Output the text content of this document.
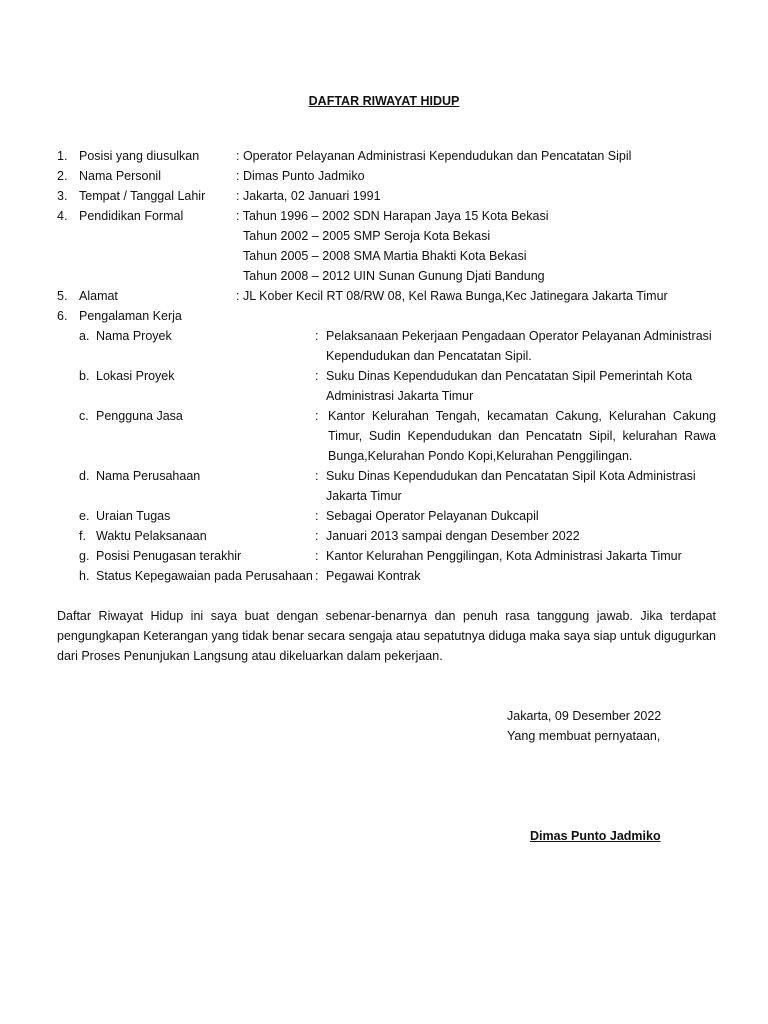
DAFTAR RIWAYAT HIDUP
1. Posisi yang diusulkan	: Operator Pelayanan Administrasi Kependudukan dan Pencatatan Sipil
2. Nama Personil	: Dimas Punto Jadmiko
3. Tempat / Tanggal Lahir : Jakarta, 02 Januari 1991
4. Pendidikan Formal	: Tahun 1996 – 2002 SDN Harapan Jaya 15 Kota Bekasi
Tahun 2002 – 2005 SMP Seroja Kota Bekasi
Tahun 2005 – 2008 SMA Martia Bhakti Kota Bekasi
Tahun 2008 – 2012 UIN Sunan Gunung Djati Bandung
5. Alamat	: JL Kober Kecil RT 08/RW 08, Kel Rawa Bunga,Kec Jatinegara Jakarta Timur
6. Pengalaman Kerja
a. Nama Proyek	: Pelaksanaan Pekerjaan Pengadaan Operator Pelayanan Administrasi
Kependudukan dan Pencatatan Sipil.
b. Lokasi Proyek	: Suku Dinas Kependudukan dan Pencatatan Sipil Pemerintah Kota
Administrasi Jakarta Timur
c. Pengguna Jasa	: Kantor Kelurahan Tengah, kecamatan Cakung, Kelurahan Cakung
Timur, Sudin Kependudukan dan Pencatatn Sipil, kelurahan Rawa
Bunga,Kelurahan Pondo Kopi,Kelurahan Penggilingan.
d. Nama Perusahaan	: Suku Dinas Kependudukan dan Pencatatan Sipil Kota Administrasi
Jakarta Timur
e. Uraian Tugas	: Sebagai Operator Pelayanan Dukcapil
f. Waktu Pelaksanaan	: Januari 2013 sampai dengan Desember 2022
g. Posisi Penugasan terakhir	: Kantor Kelurahan Penggilingan, Kota Administrasi Jakarta Timur
h. Status Kepegawaian pada Perusahaan : Pegawai Kontrak
Daftar Riwayat Hidup ini saya buat dengan sebenar-benarnya dan penuh rasa tanggung jawab. Jika terdapat
pengungkapan Keterangan yang tidak benar secara sengaja atau sepatutnya diduga maka saya siap untuk digugurkan
dari Proses Penunjukan Langsung atau dikeluarkan dalam pekerjaan.
Jakarta, 09 Desember 2022
Yang membuat pernyataan,
Dimas Punto Jadmiko
